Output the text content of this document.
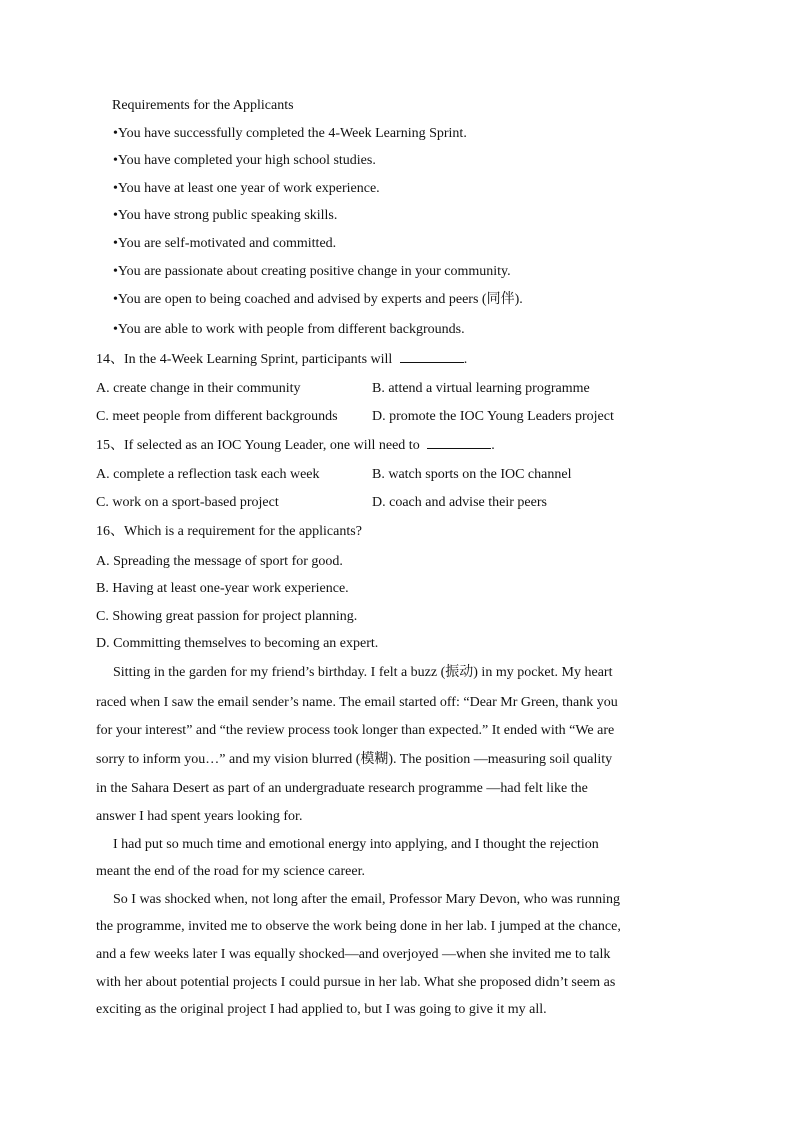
Requirements for the Applicants
•You have successfully completed the 4-Week Learning Sprint.
•You have completed your high school studies.
•You have at least one year of work experience.
•You have strong public speaking skills.
•You are self-motivated and committed.
•You are passionate about creating positive change in your community.
•You are open to being coached and advised by experts and peers (同伴).
•You are able to work with people from different backgrounds.
14、In the 4-Week Learning Sprint, participants will	.
A. create change in their community	B. attend a virtual learning programme
C. meet people from different backgrounds D. promote the IOC Young Leaders project
15、If selected as an IOC Young Leader, one will need to	.
A. complete a reflection task each week	B. watch sports on the IOC channel
C. work on a sport-based project	D. coach and advise their peers
16、Which is a requirement for the applicants?
A. Spreading the message of sport for good.
B. Having at least one-year work experience.
C. Showing great passion for project planning.
D. Committing themselves to becoming an expert.
Sitting in the garden for my friend’s birthday. I felt a buzz (振动) in my pocket. My heart
raced when I saw the email sender’s name. The email started off: “Dear Mr Green, thank you
for your interest” and “the review process took longer than expected.” It ended with “We are
sorry to inform you…” and my vision blurred (模糊). The position —measuring soil quality
in the Sahara Desert as part of an undergraduate research programme —had felt like the
answer I had spent years looking for.
I had put so much time and emotional energy into applying, and I thought the rejection
meant the end of the road for my science career.
So I was shocked when, not long after the email, Professor Mary Devon, who was running
the programme, invited me to observe the work being done in her lab. I jumped at the chance,
and a few weeks later I was equally shocked—and overjoyed —when she invited me to talk
with her about potential projects I could pursue in her lab. What she proposed didn’t seem as
exciting as the original project I had applied to, but I was going to give it my all.
